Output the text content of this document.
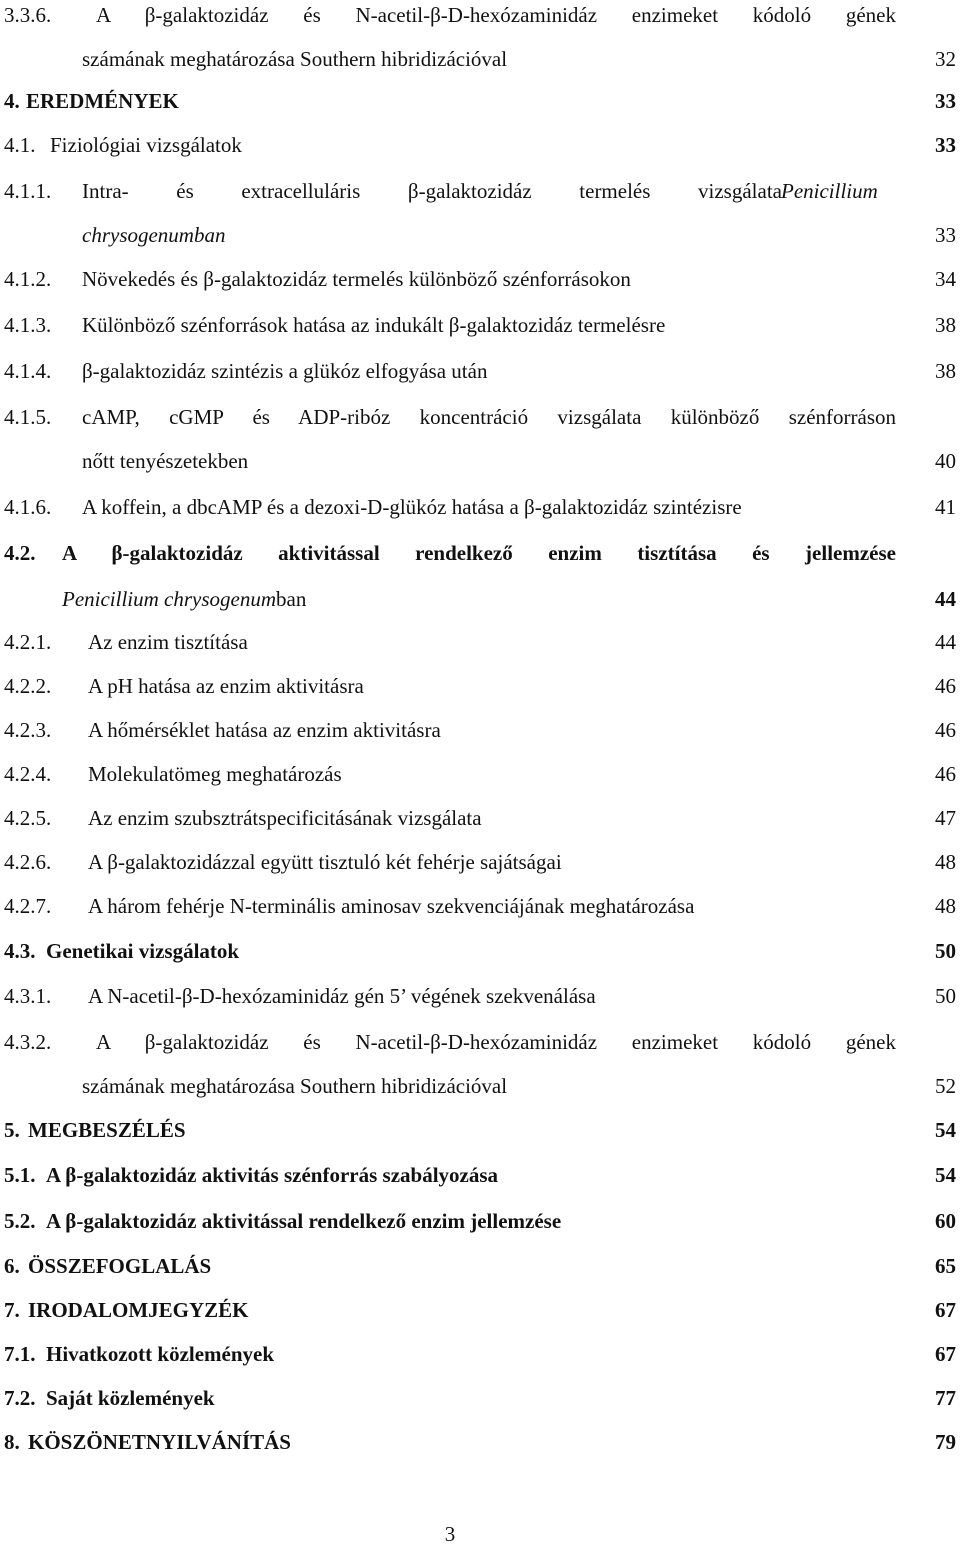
3.3.6. A β-galaktozidáz és N-acetil-β-D-hexózaminidáz enzimeket kódoló gének
számának meghatározása Southern hibridizációval	32
4. EREDMÉNYEK	33
4.1. Fiziológiai vizsgálatok	33
4.1.1. Intra- és extracelluláris β-galaktozidáz termelés vizsgálata Penicillium
chrysogenumban	33
4.1.2. Növekedés és β-galaktozidáz termelés különböző szénforrásokon	34
4.1.3. Különböző szénforrások hatása az indukált β-galaktozidáz termelésre	38
4.1.4. β-galaktozidáz szintézis a glükóz elfogyása után	38
4.1.5. cAMP, cGMP és ADP-ribóz koncentráció vizsgálata különböző szénforráson
nőtt tenyészetekben	40
4.1.6. A koffein, a dbcAMP és a dezoxi-D-glükóz hatása a β-galaktozidáz szintézisre	41
4.2. A β-galaktozidáz aktivitással rendelkező enzim tisztítása és jellemzése
Penicillium chrysogenumban	44
4.2.1. Az enzim tisztítása	44
4.2.2. A pH hatása az enzim aktivitásra	46
4.2.3. A hőmérséklet hatása az enzim aktivitásra	46
4.2.4. Molekulatömeg meghatározás	46
4.2.5. Az enzim szubsztrátspecificitásának vizsgálata	47
4.2.6. A β-galaktozidázzal együtt tisztuló két fehérje sajátságai	48
4.2.7. A három fehérje N-terminális aminosav szekvenciájának meghatározása	48
4.3. Genetikai vizsgálatok	50
4.3.1. A N-acetil-β-D-hexózaminidáz gén 5’ végének szekvenálása	50
4.3.2. A β-galaktozidáz és N-acetil-β-D-hexózaminidáz enzimeket kódoló gének
számának meghatározása Southern hibridizációval	52
5. MEGBESZÉLÉS	54
5.1. A β-galaktozidáz aktivitás szénforrás szabályozása	54
5.2. A β-galaktozidáz aktivitással rendelkező enzim jellemzése	60
6. ÖSSZEFOGLALÁS	65
7. IRODALOMJEGYZÉK	67
7.1. Hivatkozott közlemények	67
7.2. Saját közlemények	77
8. KÖSZÖNETNYILVÁNÍTÁS	79
3
